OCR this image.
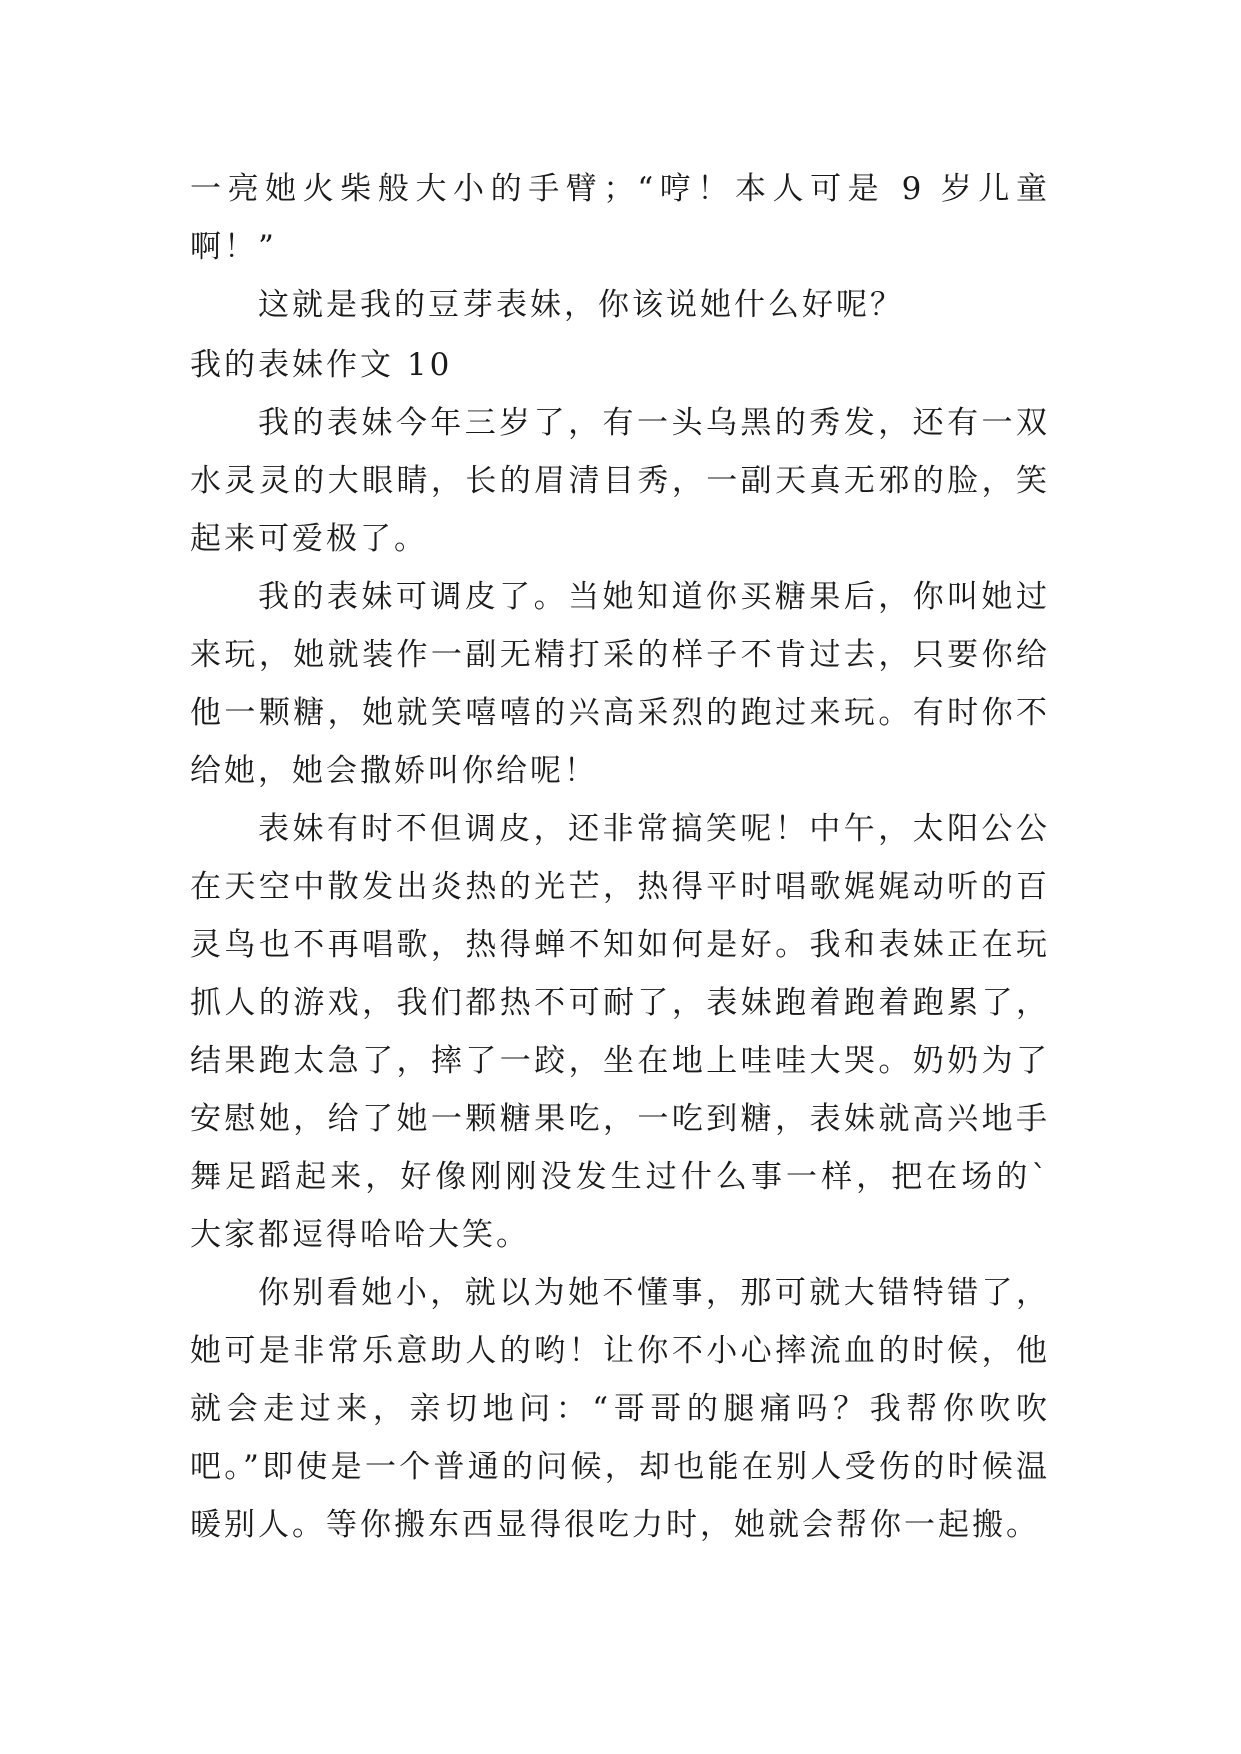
一亮她火柴般大小的手臂；“哼！本人可是 9 岁儿童啊！”

这就是我的豆芽表妹，你该说她什么好呢？

我的表妹作文 10

我的表妹今年三岁了，有一头乌黑的秀发，还有一双水灵灵的大眼睛，长的眉清目秀，一副天真无邪的脸，笑起来可爱极了。

我的表妹可调皮了。当她知道你买糖果后，你叫她过来玩，她就装作一副无精打采的样子不肯过去，只要你给他一颗糖，她就笑嘻嘻的兴高采烈的跑过来玩。有时你不给她，她会撒娇叫你给呢！

表妹有时不但调皮，还非常搞笑呢！中午，太阳公公在天空中散发出炎热的光芒，热得平时唱歌娓娓动听的百灵鸟也不再唱歌，热得蝉不知如何是好。我和表妹正在玩抓人的游戏，我们都热不可耐了，表妹跑着跑着跑累了，结果跑太急了，摔了一跤，坐在地上哇哇大哭。奶奶为了安慰她，给了她一颗糖果吃，一吃到糖，表妹就高兴地手舞足蹈起来，好像刚刚没发生过什么事一样，把在场的`大家都逗得哈哈大笑。

你别看她小，就以为她不懂事，那可就大错特错了，她可是非常乐意助人的哟！让你不小心摔流血的时候，他就会走过来，亲切地问：“哥哥的腿痛吗？我帮你吹吹吧。”即使是一个普通的问候，却也能在别人受伤的时候温暖别人。等你搬东西显得很吃力时，她就会帮你一起搬。
